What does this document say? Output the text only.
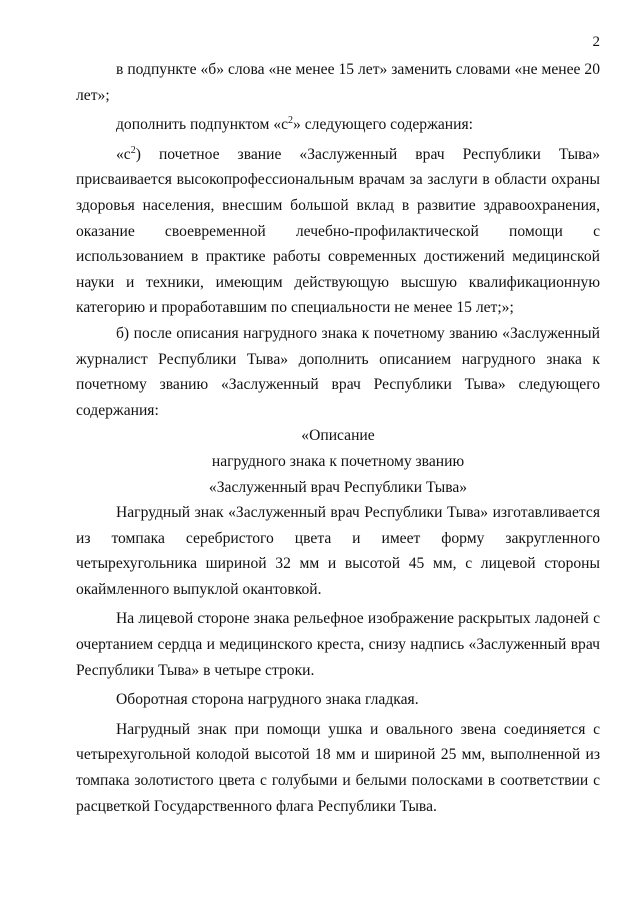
2

в подпункте «б» слова «не менее 15 лет» заменить словами «не менее 20 лет»;

дополнить подпунктом «$с^2$» следующего содержания:

«$с^2$) почетное звание «Заслуженный врач Республики Тыва» присваивается высокопрофессиональным врачам за заслуги в области охраны здоровья населения, внесшим большой вклад в развитие здравоохранения, оказание своевременной лечебно-профилактической помощи с использованием в практике работы современных достижений медицинской науки и техники, имеющим действующую высшую квалификационную категорию и проработавшим по специальности не менее 15 лет;»;

б) после описания нагрудного знака к почетному званию «Заслуженный журналист Республики Тыва» дополнить описанием нагрудного знака к почетному званию «Заслуженный врач Республики Тыва» следующего содержания:

«Описание

нагрудного знака к почетному званию

«Заслуженный врач Республики Тыва»

Нагрудный знак «Заслуженный врач Республики Тыва» изготавливается из томпака серебристого цвета и имеет форму закругленного четырехугольника шириной 32 мм и высотой 45 мм, с лицевой стороны окаймленного выпуклой окантовкой.

На лицевой стороне знака рельефное изображение раскрытых ладоней с очертанием сердца и медицинского креста, снизу надпись «Заслуженный врач Республики Тыва» в четыре строки.

Оборотная сторона нагрудного знака гладкая.

Нагрудный знак при помощи ушка и овального звена соединяется с четырехугольной колодой высотой 18 мм и шириной 25 мм, выполненной из томпака золотистого цвета с голубыми и белыми полосками в соответствии с расцветкой Государственного флага Республики Тыва.
